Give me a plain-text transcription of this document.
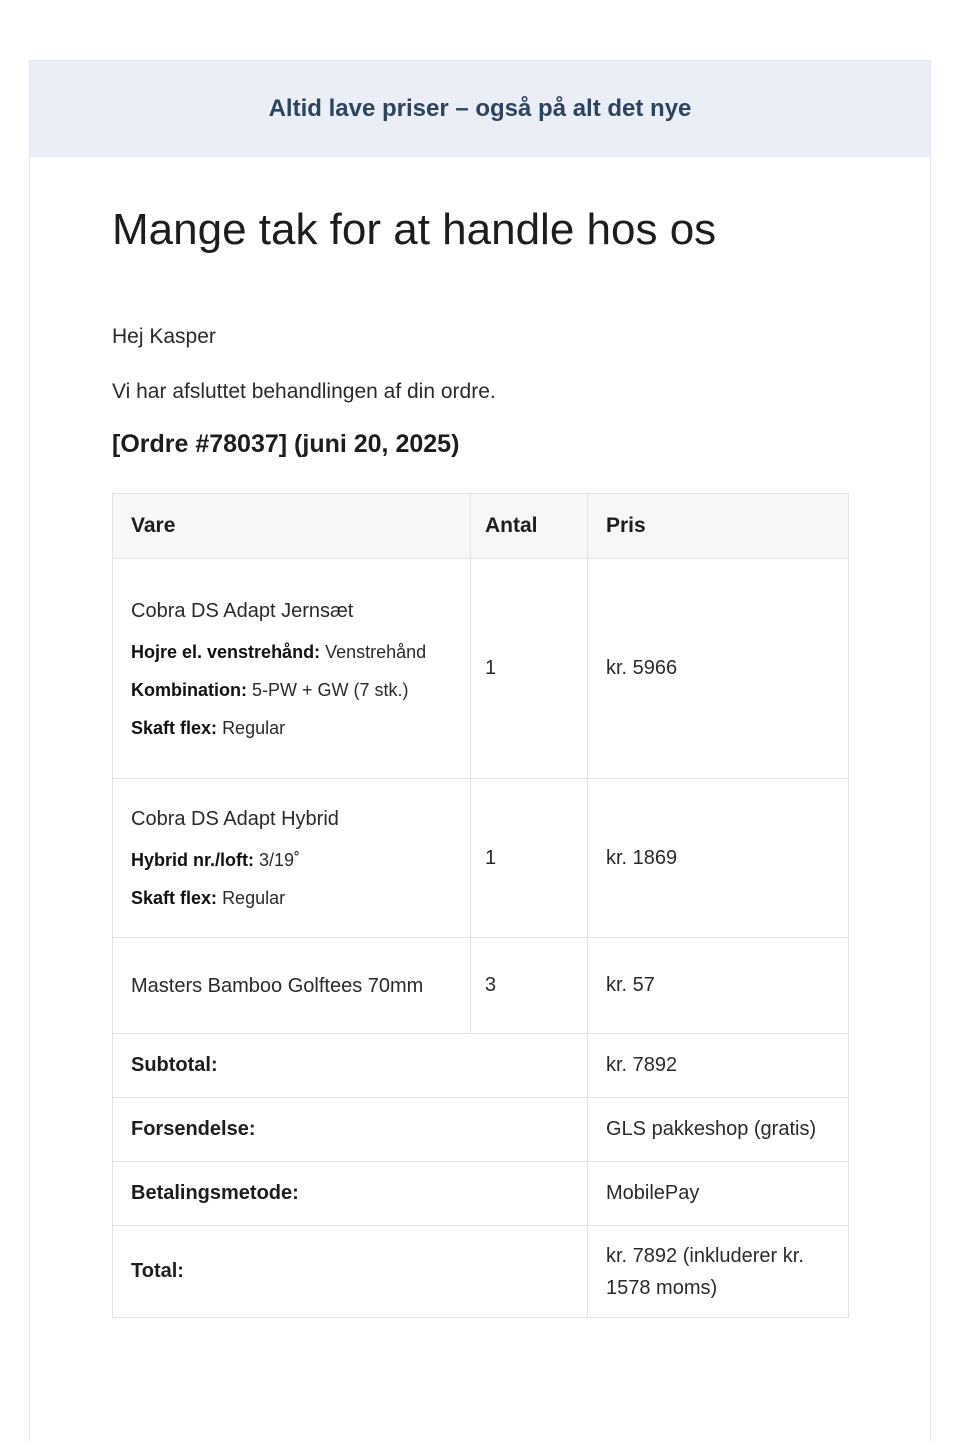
Altid lave priser – også på alt det nye
Mange tak for at handle hos os
Hej Kasper
Vi har afsluttet behandlingen af din ordre.
[Ordre #78037] (juni 20, 2025)
Vare	Antal	Pris

Cobra DS Adapt Jernsæt
Hojre el. venstrehånd: Venstrehånd
Kombination: 5-PW + GW (7 stk.)
Skaft flex: Regular	1	kr. 5966

Cobra DS Adapt Hybrid
Hybrid nr./loft: 3/19˚
Skaft flex: Regular	1	kr. 1869

Masters Bamboo Golftees 70mm	3	kr. 57
Subtotal:		kr. 7892
Forsendelse:		GLS pakkeshop (gratis)
Betalingsmetode:		MobilePay
Total:		kr. 7892 (inkluderer kr. 1578 moms)
